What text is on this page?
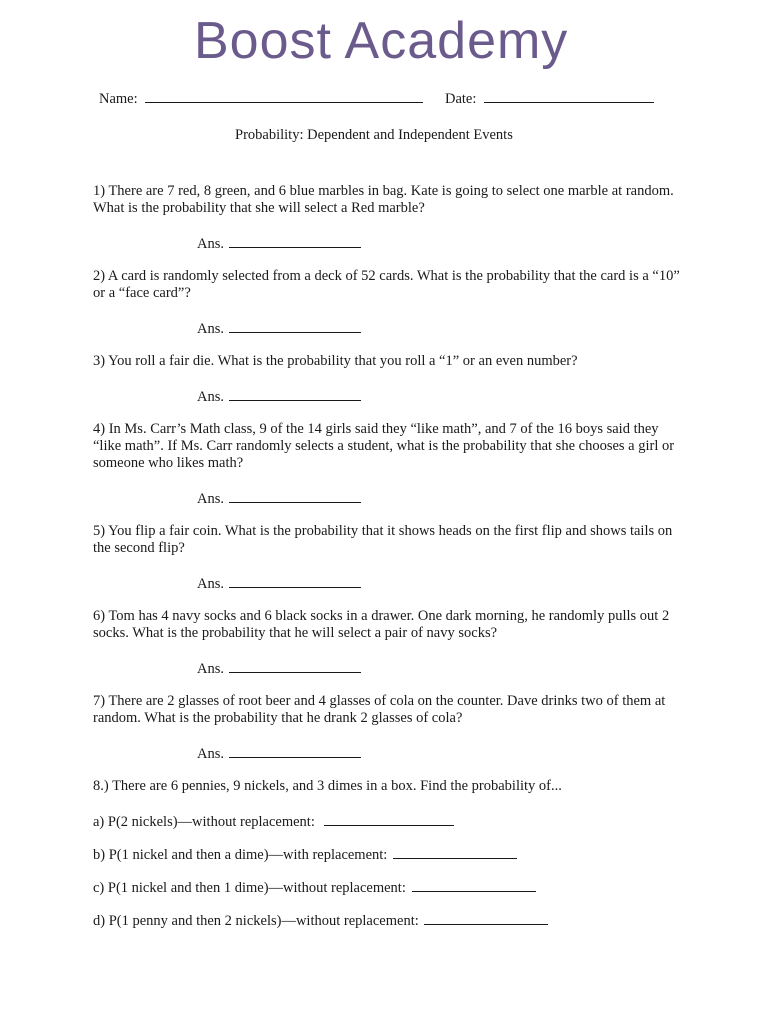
Boost Academy
Name:	Date:
Probability: Dependent and Independent Events
1) There are 7 red, 8 green, and 6 blue marbles in bag. Kate is going to select one marble at random. What is the probability that she will select a Red marble?
Ans.
2) A card is randomly selected from a deck of 52 cards. What is the probability that the card is a “10” or a “face card”?
Ans.
3) You roll a fair die. What is the probability that you roll a “1” or an even number?
Ans.
4) In Ms. Carr’s Math class, 9 of the 14 girls said they “like math”, and 7 of the 16 boys said they “like math”. If Ms. Carr randomly selects a student, what is the probability that she chooses a girl or someone who likes math?
Ans.
5) You flip a fair coin. What is the probability that it shows heads on the first flip and shows tails on the second flip?
Ans.
6) Tom has 4 navy socks and 6 black socks in a drawer. One dark morning, he randomly pulls out 2 socks. What is the probability that he will select a pair of navy socks?
Ans.
7) There are 2 glasses of root beer and 4 glasses of cola on the counter. Dave drinks two of them at random. What is the probability that he drank 2 glasses of cola?
Ans.
8.) There are 6 pennies, 9 nickels, and 3 dimes in a box. Find the probability of...
a) P(2 nickels)—without replacement:
b) P(1 nickel and then a dime)—with replacement:
c) P(1 nickel and then 1 dime)—without replacement:
d) P(1 penny and then 2 nickels)—without replacement:
